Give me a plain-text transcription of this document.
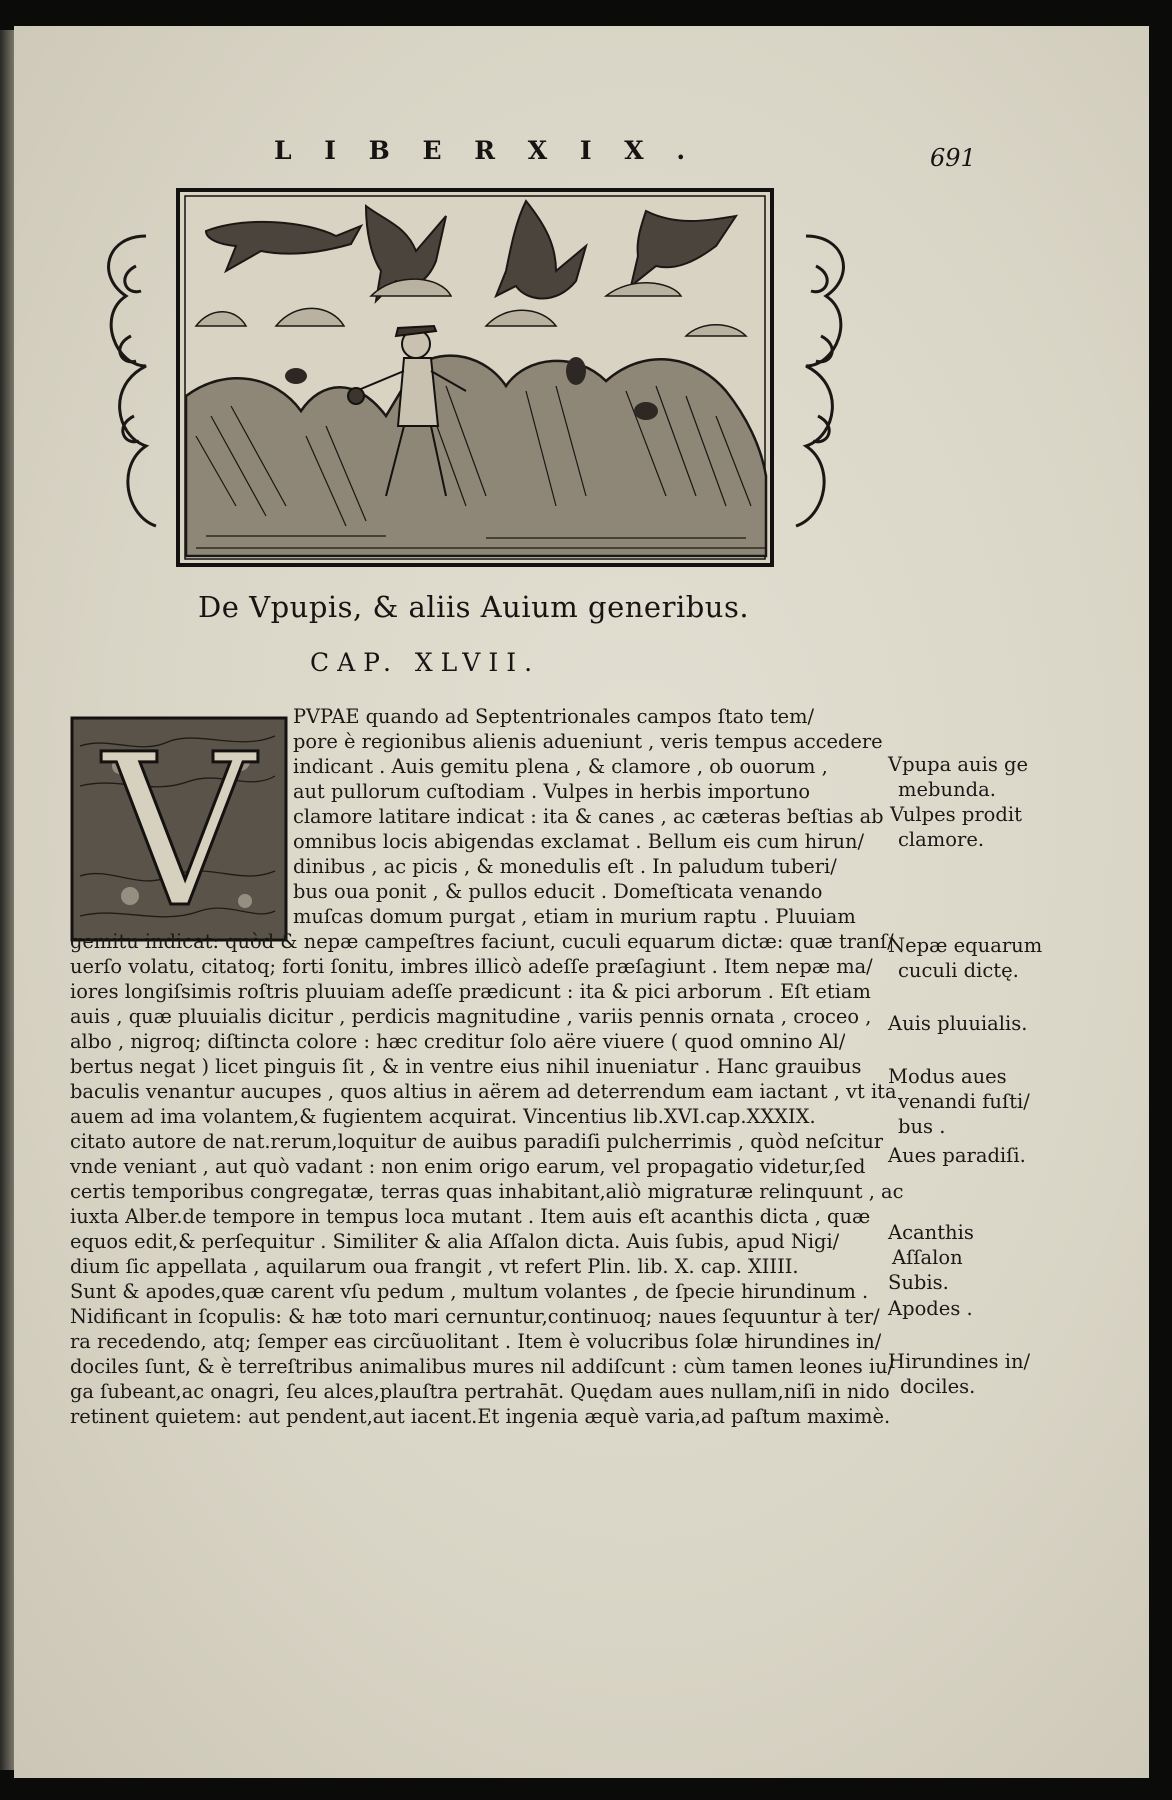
L I B E R X I X .	691
De Vpupis, & aliis Auium generibus.
CAP. XLVII.
V PVPAE quando ad Septentrionales campos ſtato tem/
pore è regionibus alienis adueniunt , veris tempus accedere
indicant . Auis gemitu plena , & clamore , ob ouorum ,
aut pullorum cuſtodiam . Vulpes in herbis importuno
clamore latitare indicat : ita & canes , ac cæteras beſtias ab
omnibus locis abigendas exclamat . Bellum eis cum hirun/
dinibus , ac picis , & monedulis eſt . In paludum tuberi/
bus oua ponit , & pullos educit . Domeſticata venando
muſcas domum purgat , etiam in murium raptu . Pluuiam
gemitu indicat: quòd & nepæ campeſtres faciunt, cuculi equarum dictæ: quæ tranſ/
uerſo volatu, citatoq; forti ſonitu, imbres illicò adeſſe præſagiunt . Item nepæ ma/
iores longiſsimis roſtris pluuiam adeſſe prædicunt : ita & pici arborum . Eſt etiam
auis , quæ pluuialis dicitur , perdicis magnitudine , variis pennis ornata , croceo ,
albo , nigroq; diſtincta colore : hæc creditur ſolo aëre viuere ( quod omnino Al/
bertus negat ) licet pinguis ſit , & in ventre eius nihil inueniatur . Hanc grauibus
baculis venantur aucupes , quos altius in aërem ad deterrendum eam iactant , vt ita
auem ad ima volantem,& fugientem acquirat. Vincentius lib.XVI.cap.XXXIX.
citato autore de nat.rerum,loquitur de auibus paradiſi pulcherrimis , quòd neſcitur
vnde veniant , aut quò vadant : non enim origo earum, vel propagatio videtur,ſed
certis temporibus congregatæ, terras quas inhabitant,aliò migraturæ relinquunt , ac
iuxta Alber.de tempore in tempus loca mutant . Item auis eſt acanthis dicta , quæ
equos edit,& perſequitur . Similiter & alia Aſſalon dicta. Auis ſubis, apud Nigi/
dium ſic appellata , aquilarum oua frangit , vt refert Plin. lib. X. cap. XIIII.
Sunt & apodes,quæ carent vſu pedum , multum volantes , de ſpecie hirundinum .
Nidificant in ſcopulis: & hæ toto mari cernuntur,continuoq; naues ſequuntur à ter/
ra recedendo, atq; ſemper eas circũuolitant . Item è volucribus ſolæ hirundines in/
dociles ſunt, & è terreſtribus animalibus mures nil addiſcunt : cùm tamen leones iu/
ga ſubeant,ac onagri, ſeu alces,plauſtra pertrahāt. Quędam aues nullam,niſi in nido
retinent quietem: aut pendent,aut iacent.Et ingenia æquè varia,ad paſtum maximè.
Vpupa auis ge
mebunda.
Vulpes prodit
clamore.
Nepæ equarum
cuculi dictę.
Auis pluuialis.
Modus aues
venandi fuſti/
bus .
Aues paradiſi.
Acanthis
Aſſalon
Subis.
Apodes .
Hirundines in/
dociles.
